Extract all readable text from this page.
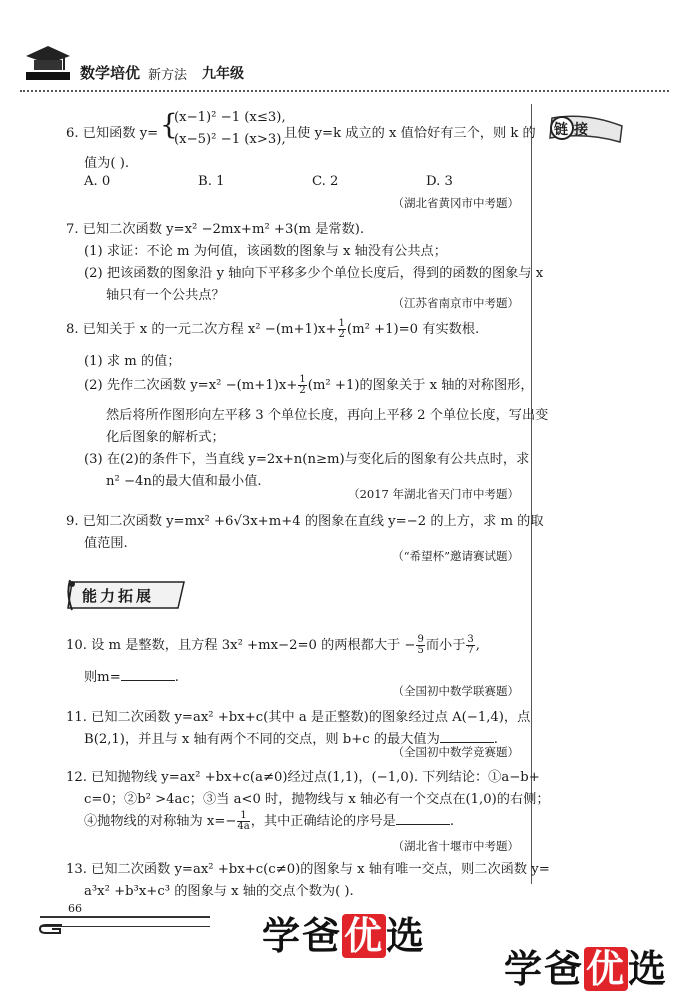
数学培优 新方法 九年级
链接
6. 已知函数 y= {
(x−1)² −1 (x≤3),
(x−5)² −1 (x>3),
且使 y=k 成立的 x 值恰好有三个，则 k 的
值为( ).
A. 0	B. 1	C. 2	D. 3
（湖北省黄冈市中考题）
7. 已知二次函数 y=x² −2mx+m² +3(m 是常数).
(1) 求证：不论 m 为何值，该函数的图象与 x 轴没有公共点；
(2) 把该函数的图象沿 y 轴向下平移多少个单位长度后，得到的函数的图象与 x
轴只有一个公共点？	（江苏省南京市中考题）
8. 已知关于 x 的一元二次方程 $x^2 -(m+1)x+ \frac{1}{2} (m^2 +1)=0$ 有实数根.
(1) 求 m 的值；
(2) 先作二次函数 $y=x^2 -(m+1)x+ \frac{1}{2} (m^2 +1)$的图象关于 x 轴的对称图形，
然后将所作图形向左平移 3 个单位长度，再向上平移 2 个单位长度，写出变
化后图象的解析式；
(3) 在(2)的条件下，当直线 y=2x+n(n≥m)与变化后的图象有公共点时，求
n² −4n的最大值和最小值.
（2017 年湖北省天门市中考题）
9. 已知二次函数 y=mx² +6√3x+m+4 的图象在直线 y=−2 的上方，求 m 的取
值范围.
（“希望杯”邀请赛试题）
能力拓展
10. 设 m 是整数，且方程 3x² +mx−2=0 的两根都大于 − $\frac{9}{5}$ 而小于 $\frac{3}{7}$ ,
则m=	.
（全国初中数学联赛题）
11. 已知二次函数 y=ax² +bx+c(其中 a 是正整数)的图象经过点 A(−1,4)，点
B(2,1)，并且与 x 轴有两个不同的交点，则 b+c 的最大值为	.
（全国初中数学竞赛题）
12. 已知抛物线 y=ax² +bx+c(a≠0)经过点(1,1)，(−1,0). 下列结论：①a−b+
c=0；②b² >4ac；③当 a<0 时，抛物线与 x 轴必有一个交点在(1,0)的右侧；
④抛物线的对称轴为 $x=- \frac{1}{4a}$ ，其中正确结论的序号是	.
（湖北省十堰市中考题）
13. 已知二次函数 y=ax² +bx+c(c≠0)的图象与 x 轴有唯一交点，则二次函数 y=
a³x² +b³x+c³ 的图象与 x 轴的交点个数为( ).
66
学爸优选
学爸优选
